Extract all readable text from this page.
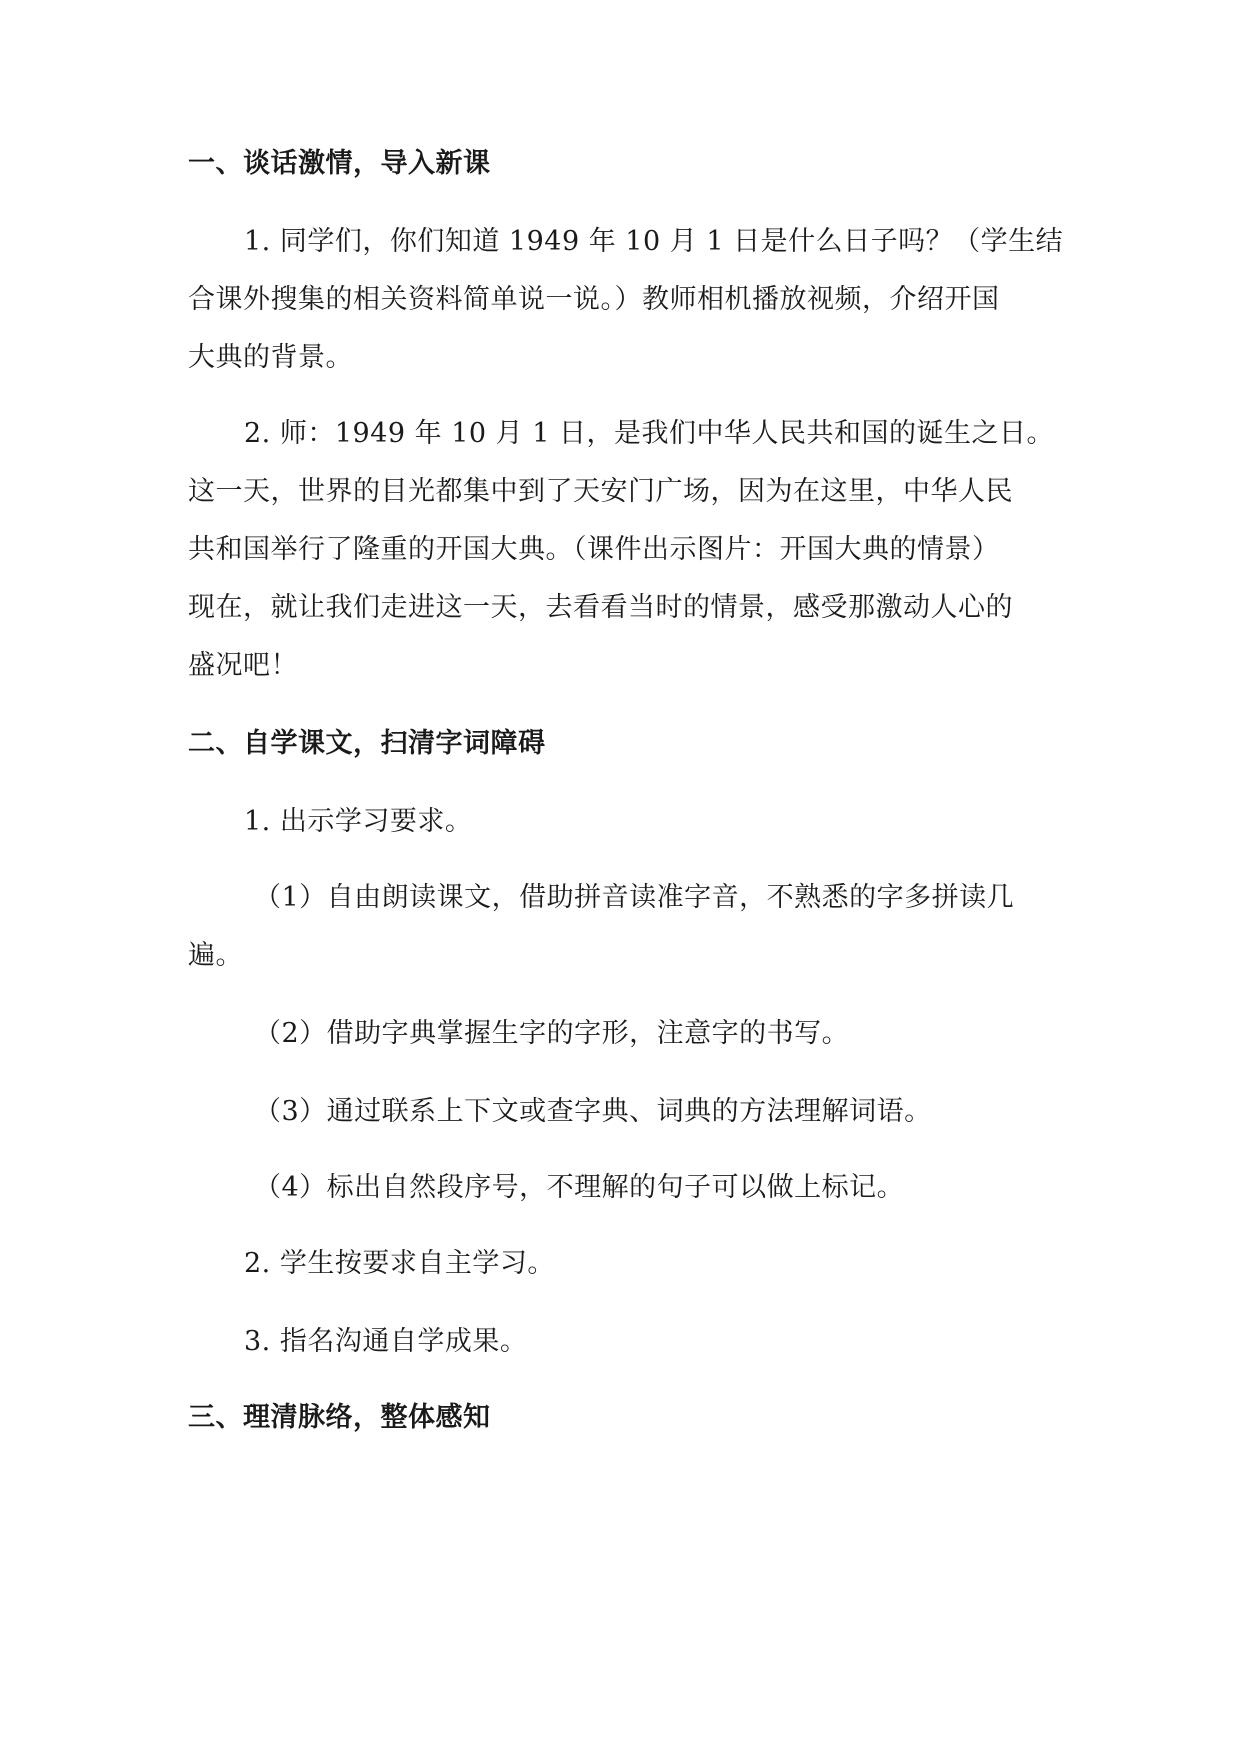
一、谈话激情，导入新课
1. 同学们，你们知道 1949 年 10 月 1 日是什么日子吗？（学生结
合课外搜集的相关资料简单说一说。）教师相机播放视频，介绍开国
大典的背景。
2. 师：1949 年 10 月 1 日，是我们中华人民共和国的诞生之日。
这一天，世界的目光都集中到了天安门广场，因为在这里，中华人民
共和国举行了隆重的开国大典。（课件出示图片：开国大典的情景）
现在，就让我们走进这一天，去看看当时的情景，感受那激动人心的
盛况吧！
二、自学课文，扫清字词障碍
1. 出示学习要求。
（1）自由朗读课文，借助拼音读准字音，不熟悉的字多拼读几
遍。
（2）借助字典掌握生字的字形，注意字的书写。
（3）通过联系上下文或查字典、词典的方法理解词语。
（4）标出自然段序号，不理解的句子可以做上标记。
2. 学生按要求自主学习。
3. 指名沟通自学成果。
三、理清脉络，整体感知
